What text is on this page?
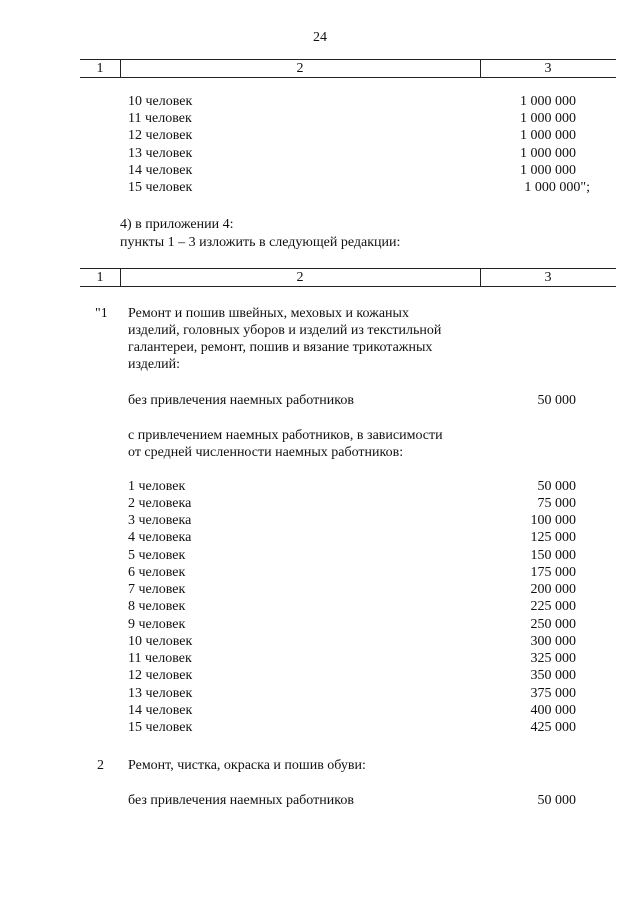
24
1	2	3
10 человек	1 000 000
11 человек	1 000 000
12 человек	1 000 000
13 человек	1 000 000
14 человек	1 000 000
15 человек	1 000 000";
4) в приложении 4:
пункты 1 – 3 изложить в следующей редакции:
1	2	3
"1 Ремонт и пошив швейных, меховых и кожаных
изделий, головных уборов и изделий из текстильной
галантереи, ремонт, пошив и вязание трикотажных
изделий:
без привлечения наемных работников	50 000
с привлечением наемных работников, в зависимости
от средней численности наемных работников:
1 человек	50 000
2 человека	75 000
3 человека	100 000
4 человека	125 000
5 человек	150 000
6 человек	175 000
7 человек	200 000
8 человек	225 000
9 человек	250 000
10 человек	300 000
11 человек	325 000
12 человек	350 000
13 человек	375 000
14 человек	400 000
15 человек	425 000
2 Ремонт, чистка, окраска и пошив обуви:
без привлечения наемных работников	50 000
